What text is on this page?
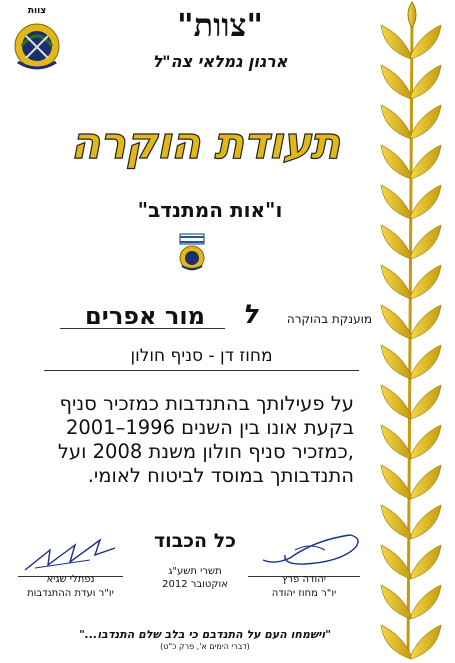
צוות	"צוות"
ארגון גמלאי צה"ל
תעודת הוקרה
ו"אות המתנדב"
מוענקת בהוקרה
ל
מור אפרים
מחוז דן - סניף חולון
על פעילותך בהתנדבות כמזכיר סניף בקעת אונו בין השנים 1996–2001 ,כמזכיר סניף חולון משנת 2008 ועל התנדבותך במוסד לביטוח לאומי.
כל הכבוד
תשרי תשע"ג
אוקטובר 2012
נפתלי שגיא
יו"ר ועדת ההתנדבות
יהודה פרץ
יו"ר מחוז יהודה
"וישמחו העם על התנדבם כי בלב שלם התנדבו..."
(דברי הימים א', פרק כ"ט)
